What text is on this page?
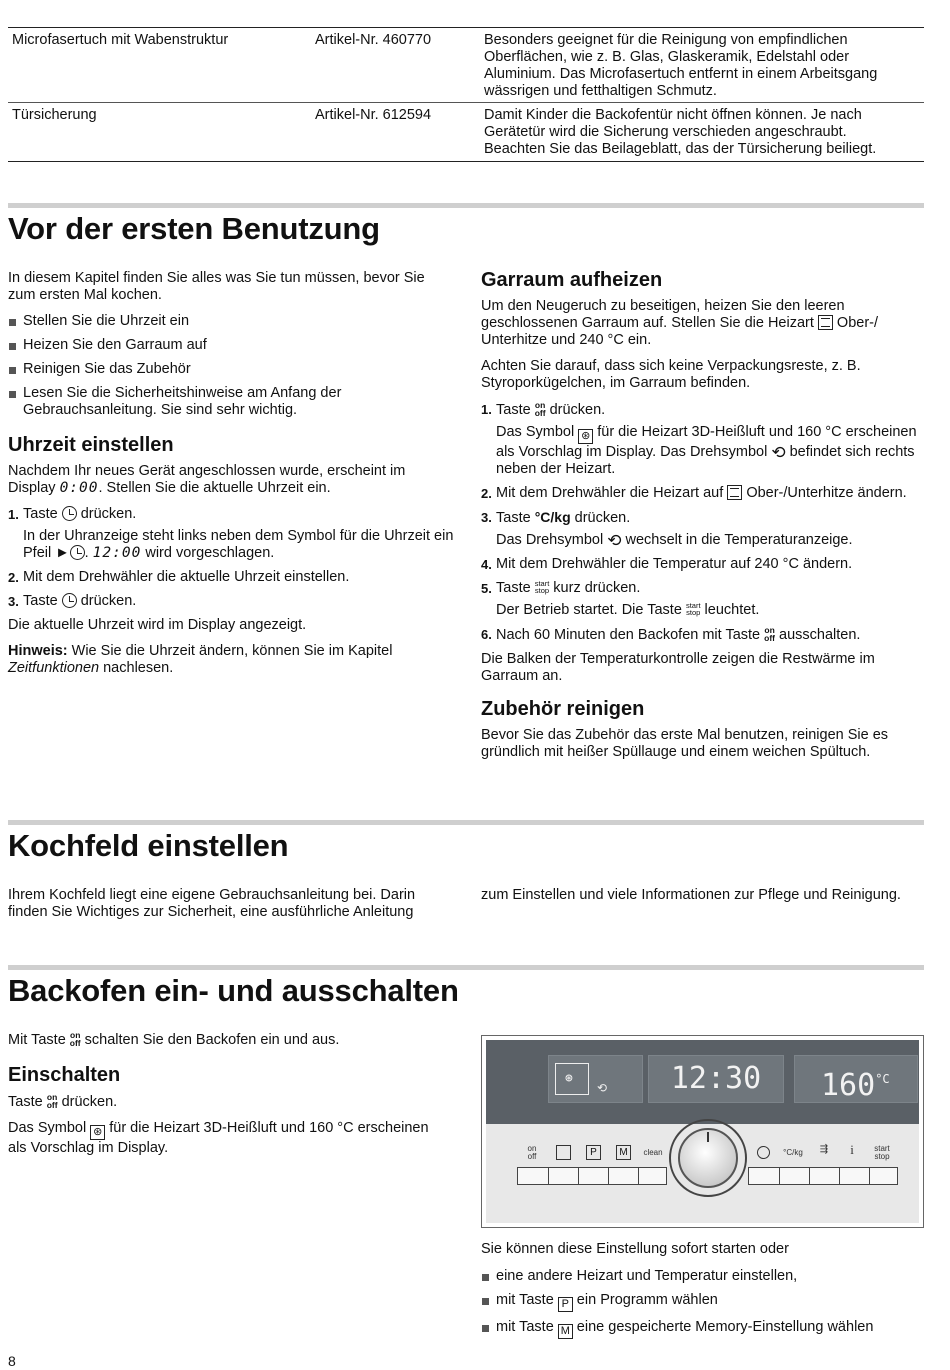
Microfasertuch mit Wabenstruktur	Artikel-Nr. 460770	Besonders geeignet für die Reinigung von empfindlichen
Oberflächen, wie z. B. Glas, Glaskeramik, Edelstahl oder
Aluminium. Das Microfasertuch entfernt in einem Arbeitsgang
wässrigen und fetthaltigen Schmutz.
Türsicherung	Artikel-Nr. 612594	Damit Kinder die Backofentür nicht öffnen können. Je nach
Gerätetür wird die Sicherung verschieden angeschraubt.
Beachten Sie das Beilageblatt, das der Türsicherung beiliegt.
Vor der ersten Benutzung

In diesem Kapitel finden Sie alles was Sie tun müssen, bevor Sie zum ersten Mal kochen.

Stellen Sie die Uhrzeit ein
Heizen Sie den Garraum auf
Reinigen Sie das Zubehör
Lesen Sie die Sicherheitshinweise am Anfang der Gebrauchsanleitung. Sie sind sehr wichtig.
Uhrzeit einstellen

Nachdem Ihr neues Gerät angeschlossen wurde, erscheint im Display 0:00. Stellen Sie die aktuelle Uhrzeit ein.

1. Taste  drücken.
In der Uhranzeige steht links neben dem Symbol für die Uhrzeit ein Pfeil ► . 12:00 wird vorgeschlagen.
2. Mit dem Drehwähler die aktuelle Uhrzeit einstellen.
3. Taste  drücken.

Die aktuelle Uhrzeit wird im Display angezeigt.

Hinweis: Wie Sie die Uhrzeit ändern, können Sie im Kapitel Zeitfunktionen nachlesen.

Garraum aufheizen

Um den Neugeruch zu beseitigen, heizen Sie den leeren geschlossenen Garraum auf. Stellen Sie die Heizart  Ober-/ Unterhitze und 240 °C ein.

Achten Sie darauf, dass sich keine Verpackungsreste, z. B. Styroporkügelchen, im Garraum befinden.

1. Taste on
off drücken.
Das Symbol ⊛ für die Heizart 3D-Heißluft und 160 °C erscheinen als Vorschlag im Display. Das Drehsymbol ⟲ befindet sich rechts neben der Heizart.
2. Mit dem Drehwähler die Heizart auf  Ober-/Unterhitze ändern.
3. Taste °C/kg drücken.
Das Drehsymbol ⟲ wechselt in die Temperaturanzeige.
4. Mit dem Drehwähler die Temperatur auf 240 °C ändern.
5. Taste start
stop kurz drücken.
Der Betrieb startet. Die Taste start
stop leuchtet.
6. Nach 60 Minuten den Backofen mit Taste on
off ausschalten.

Die Balken der Temperaturkontrolle zeigen die Restwärme im Garraum an.

Zubehör reinigen

Bevor Sie das Zubehör das erste Mal benutzen, reinigen Sie es gründlich mit heißer Spüllauge und einem weichen Spültuch.

Kochfeld einstellen
Ihrem Kochfeld liegt eine eigene Gebrauchsanleitung bei. Darin finden Sie Wichtiges zur Sicherheit, eine ausführliche Anleitung
zum Einstellen und viele Informationen zur Pflege und Reinigung.
Backofen ein- und ausschalten

Mit Taste on
off schalten Sie den Backofen ein und aus.

Einschalten

Taste on
off drücken.

Das Symbol ⊛ für die Heizart 3D-Heißluft und 160 °C erscheinen als Vorschlag im Display.

⊛
⟲	12:30	$160^{^\circ C}$
on
off	P	M	clean	°C/kg	⇶	i	start
stop

Sie können diese Einstellung sofort starten oder

eine andere Heizart und Temperatur einstellen,
mit Taste P ein Programm wählen
mit Taste M eine gespeicherte Memory-Einstellung wählen
8
